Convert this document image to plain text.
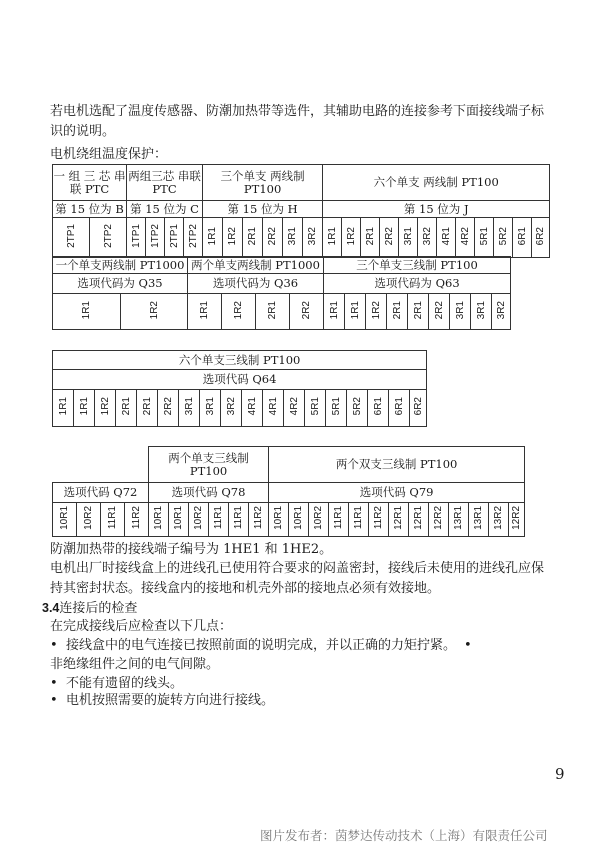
若电机选配了温度传感器、防潮加热带等选件，其辅助电路的连接参考下面接线端子标
识的说明。
电机绕组温度保护：
一 组 三 芯 串联 PTC		两组三芯 串联 PTC				三个单支 两线制 PT100						六个单支 两线制 PT100											
第 15 位为 B		第 15 位为 C				第 15 位为 H						第 15 位为 J											
2TP1	2TP2	1TP1	1TP2	2TP1	2TP2	1R1	1R2	2R1	2R2	3R1	3R2	1R1	1R2	2R1	2R2	3R1	3R2	4R1	4R2	5R1	5R2	6R1	6R2
一个单支两线制 PT1000		两个单支两线制 PT1000				三个单支三线制 PT100								
选项代码为 Q35		选项代码为 Q36				选项代码为 Q63								
1R1	1R2	1R1	1R2	2R1	2R2	1R1	1R1	1R2	2R1	2R1	2R2	3R1	3R1	3R2
六个单支三线制 PT100
选项代码 Q64
1R1	1R1	1R2	2R1	2R1	2R2	3R1	3R1	3R2	4R1	4R1	4R2	5R1	5R1	5R2	6R1	6R1	6R2
				两个单支三线制 PT100						两个双支三线制 PT100												
选项代码 Q72				选项代码 Q78						选项代码 Q79												
10R1	10R2	11R1	11R2	10R1	10R1	10R2	11R1	11R1	11R2	10R1	10R1	10R2	11R1	11R1	11R2	12R1	12R1	12R2	13R1	13R1	13R2	12R2
防潮加热带的接线端子编号为 1HE1 和 1HE2。
电机出厂时接线盒上的进线孔已使用符合要求的闷盖密封，接线后未使用的进线孔应保
持其密封状态。接线盒内的接地和机壳外部的接地点必须有效接地。
3.4连接后的检查
在完成接线后应检查以下几点：
•  接线盒中的电气连接已按照前面的说明完成，并以正确的力矩拧紧。 •
非绝缘组件之间的电气间隙。
•  不能有遗留的线头。
•  电机按照需要的旋转方向进行接线。
9
图片发布者：茵梦达传动技术（上海）有限责任公司
